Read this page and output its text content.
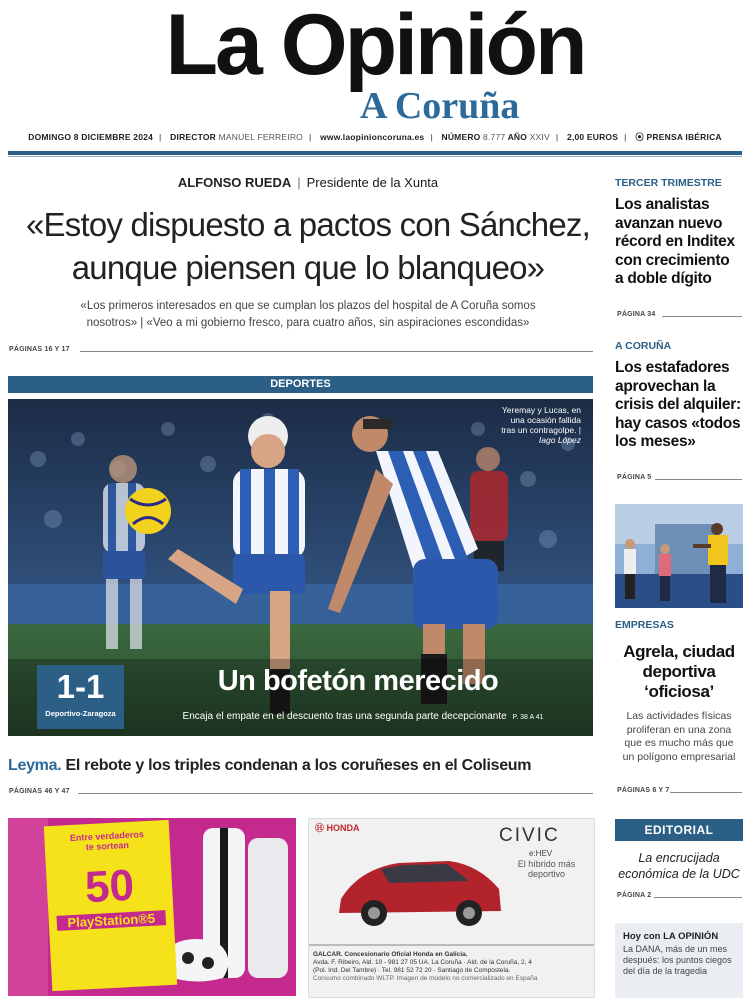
La Opinión
A Coruña
DOMINGO 8 DICIEMBRE 2024 | DIRECTOR MANUEL FERREIRO | www.laopinioncoruna.es | NÚMERO 8.777 AÑO XXIV | 2,00 EUROS | ⦿ PRENSA IBÉRICA
ALFONSO RUEDA | Presidente de la Xunta
«Estoy dispuesto a pactos con Sánchez,
aunque piensen que lo blanqueo»
«Los primeros interesados en que se cumplan los plazos del hospital de A Coruña somos
nosotros» | «Veo a mi gobierno fresco, para cuatro años, sin aspiraciones escondidas»
PÁGINAS 16 Y 17
DEPORTES
Yeremay y Lucas, en
una ocasión fallida
tras un contragolpe. |
Iago López
1-1
Deportivo-Zaragoza
Un bofetón merecido
Encaja el empate en el descuento tras una segunda parte decepcionante P. 38 A 41
Leyma. El rebote y los triples condenan a los coruñeses en el Coliseum
PÁGINAS 46 Y 47
Entre verdaderos
te sortean
50
PlayStation®5
Ⓗ HONDA	CIVIC
e:HEV
El híbrido más
deportivo
GALCAR. Concesionario Oficial Honda en Galicia.
Avda. F. Ribeiro, Ald. 10 - 981 27 05 UA. La Coruña · Ald. de la Coruña, 2, 4
(Pol. Ind. Del Tambre) · Tel. 981 52 72 20 · Santiago de Compostela.
Consumo combinado WLTP. Imagen de modelo no comercializado en España
TERCER TRIMESTRE
Los analistas
avanzan nuevo
récord en Inditex
con crecimiento
a doble dígito
PÁGINA 34
A CORUÑA
Los estafadores
aprovechan la
crisis del alquiler:
hay casos «todos
los meses»
PÁGINA 5
EMPRESAS
Agrela, ciudad
deportiva
‘oficiosa’
Las actividades físicas
proliferan en una zona
que es mucho más que
un polígono empresarial
PÁGINAS 6 Y 7
EDITORIAL
La encrucijada
económica de la UDC
PÁGINA 2
Hoy con LA OPINIÓN
La DANA, más de un mes
después: los puntos ciegos
del día de la tragedia
